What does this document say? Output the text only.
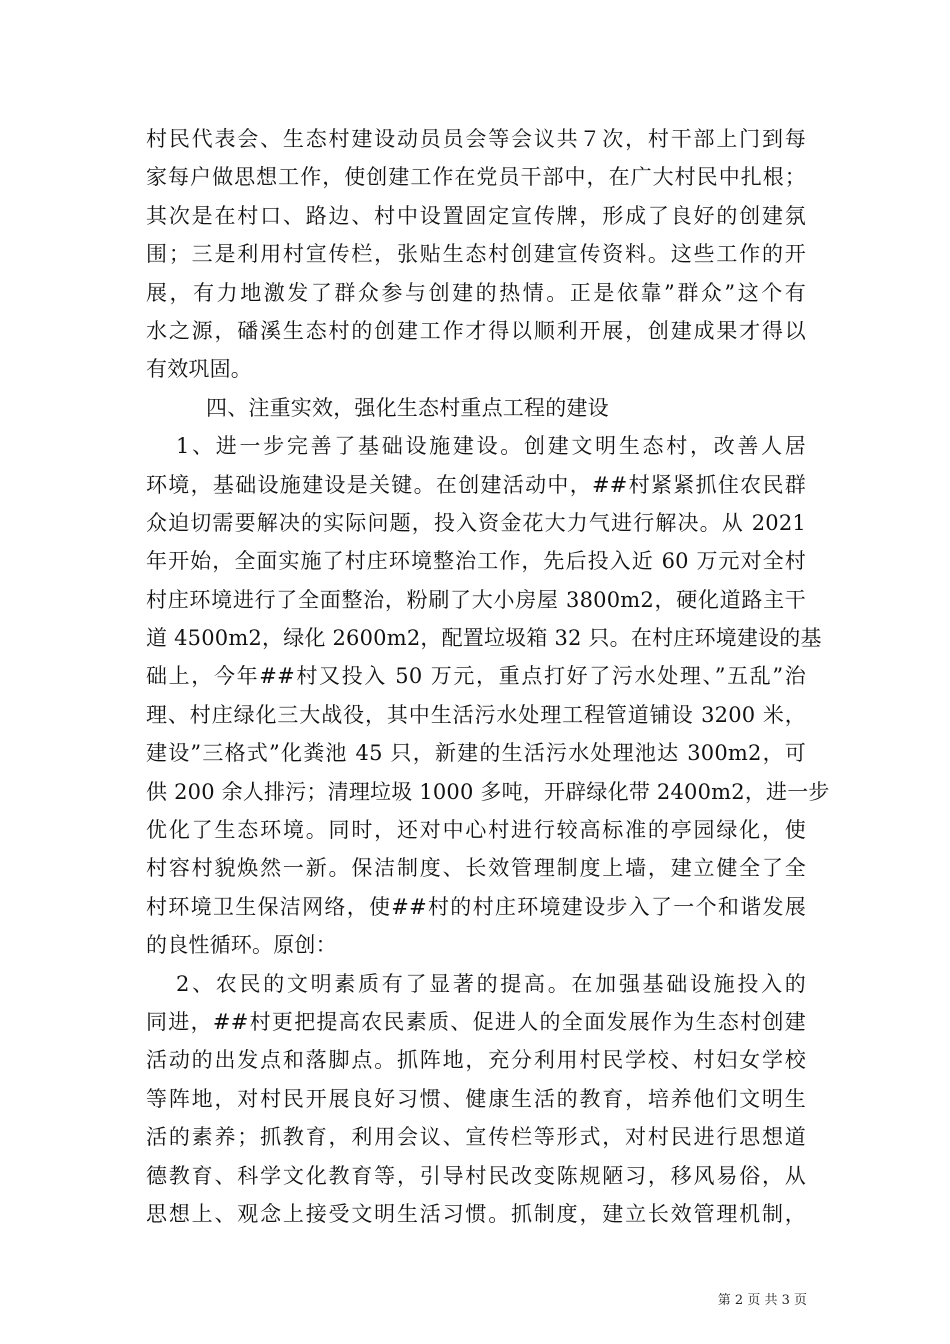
村民代表会、生态村建设动员员会等会议共７次，村干部上门到每
家每户做思想工作，使创建工作在党员干部中，在广大村民中扎根；
其次是在村口、路边、村中设置固定宣传牌，形成了良好的创建氛
围；三是利用村宣传栏，张贴生态村创建宣传资料。这些工作的开
展，有力地激发了群众参与创建的热情。正是依靠”群众”这个有
水之源，磻溪生态村的创建工作才得以顺利开展，创建成果才得以
有效巩固。
四、注重实效，强化生态村重点工程的建设
1、进一步完善了基础设施建设。创建文明生态村，改善人居
环境，基础设施建设是关键。在创建活动中，##村紧紧抓住农民群
众迫切需要解决的实际问题，投入资金花大力气进行解决。从 2021
年开始，全面实施了村庄环境整治工作，先后投入近 60 万元对全村
村庄环境进行了全面整治，粉刷了大小房屋 3800m2，硬化道路主干
道 4500m2，绿化 2600m2，配置垃圾箱 32 只。在村庄环境建设的基
础上，今年##村又投入 50 万元，重点打好了污水处理、”五乱”治
理、村庄绿化三大战役，其中生活污水处理工程管道铺设 3200 米，
建设”三格式”化粪池 45 只，新建的生活污水处理池达 300m2，可
供 200 余人排污；清理垃圾 1000 多吨，开辟绿化带 2400m2，进一步
优化了生态环境。同时，还对中心村进行较高标准的亭园绿化，使
村容村貌焕然一新。保洁制度、长效管理制度上墙，建立健全了全
村环境卫生保洁网络，使##村的村庄环境建设步入了一个和谐发展
的良性循环。原创：
2、农民的文明素质有了显著的提高。在加强基础设施投入的
同进，##村更把提高农民素质、促进人的全面发展作为生态村创建
活动的出发点和落脚点。抓阵地，充分利用村民学校、村妇女学校
等阵地，对村民开展良好习惯、健康生活的教育，培养他们文明生
活的素养；抓教育，利用会议、宣传栏等形式，对村民进行思想道
德教育、科学文化教育等，引导村民改变陈规陋习，移风易俗，从
思想上、观念上接受文明生活习惯。抓制度，建立长效管理机制，
第 2 页 共 3 页
